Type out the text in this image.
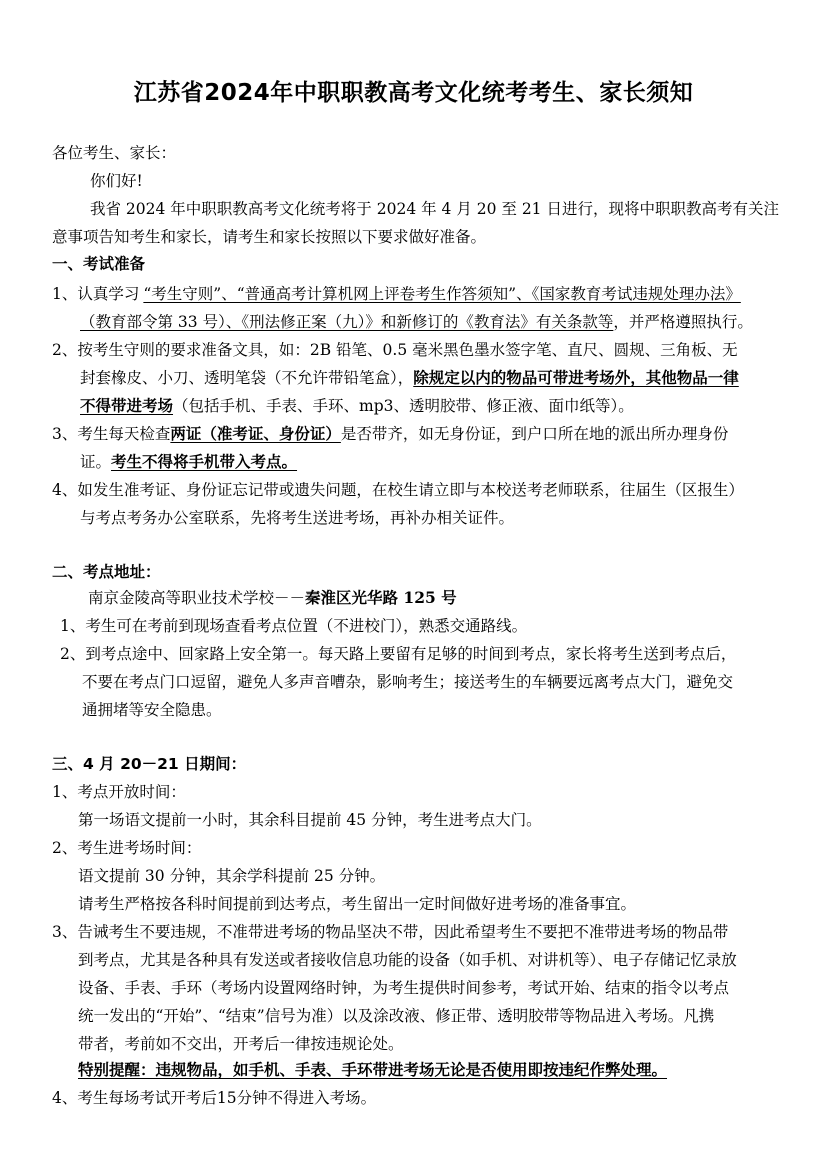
江苏省2024年中职职教高考文化统考考生、家长须知
各位考生、家长：
你们好!
我省 2024 年中职职教高考文化统考将于 2024 年 4 月 20 至 21 日进行，现将中职职教高考有关注
意事项告知考生和家长，请考生和家长按照以下要求做好准备。
一、考试准备
1、认真学习 “考生守则”、“普通高考计算机网上评卷考生作答须知”、《国家教育考试违规处理办法》
（教育部令第 33 号）、《刑法修正案（九）》和新修订的《教育法》有关条款等，并严格遵照执行。
2、按考生守则的要求准备文具，如：2B 铅笔、0.5 毫米黑色墨水签字笔、直尺、圆规、三角板、无
封套橡皮、小刀、透明笔袋（不允许带铅笔盒），除规定以内的物品可带进考场外，其他物品一律
不得带进考场（包括手机、手表、手环、mp3、透明胶带、修正液、面巾纸等）。
3、考生每天检查两证（准考证、身份证）是否带齐，如无身份证，到户口所在地的派出所办理身份
证。考生不得将手机带入考点。
4、如发生准考证、身份证忘记带或遗失问题，在校生请立即与本校送考老师联系，往届生（区报生）
与考点考务办公室联系，先将考生送进考场，再补办相关证件。
二、考点地址：
南京金陵高等职业技术学校－－秦淮区光华路 125 号
1、考生可在考前到现场查看考点位置（不进校门），熟悉交通路线。
2、到考点途中、回家路上安全第一。每天路上要留有足够的时间到考点，家长将考生送到考点后，
不要在考点门口逗留，避免人多声音嘈杂，影响考生；接送考生的车辆要远离考点大门，避免交
通拥堵等安全隐患。
三、4 月 20－21 日期间：
1、考点开放时间：
第一场语文提前一小时，其余科目提前 45 分钟，考生进考点大门。
2、考生进考场时间：
语文提前 30 分钟，其余学科提前 25 分钟。
请考生严格按各科时间提前到达考点，考生留出一定时间做好进考场的准备事宜。
3、告诫考生不要违规，不准带进考场的物品坚决不带，因此希望考生不要把不准带进考场的物品带
到考点，尤其是各种具有发送或者接收信息功能的设备（如手机、对讲机等）、电子存储记忆录放
设备、手表、手环（考场内设置网络时钟，为考生提供时间参考，考试开始、结束的指令以考点
统一发出的“开始”、“结束”信号为准）以及涂改液、修正带、透明胶带等物品进入考场。凡携
带者，考前如不交出，开考后一律按违规论处。
特别提醒：违规物品，如手机、手表、手环带进考场无论是否使用即按违纪作弊处理。
4、考生每场考试开考后15分钟不得进入考场。
